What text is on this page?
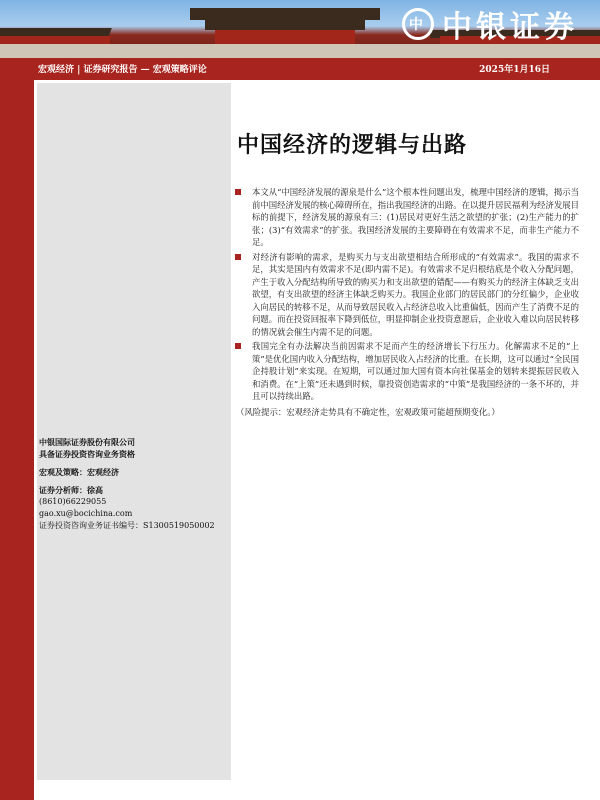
中 中银证券
宏观经济 | 证券研究报告 — 宏观策略评论	2025年1月16日
中银国际证券股份有限公司
具备证券投资咨询业务资格
宏观及策略：宏观经济
证券分析师：徐高
(8610)66229055
gao.xu@bocichina.com
证券投资咨询业务证书编号：S1300519050002
中国经济的逻辑与出路
本文从“中国经济发展的源泉是什么”这个根本性问题出发，梳理中国经济的逻辑，揭示当前中国经济发展的核心障碍所在，指出我国经济的出路。在以提升居民福利为经济发展目标的前提下，经济发展的源泉有三：(1)居民对更好生活之欲望的扩张；(2)生产能力的扩张；(3)“有效需求”的扩张。我国经济发展的主要障碍在有效需求不足，而非生产能力不足。
对经济有影响的需求，是购买力与支出欲望相结合所形成的“有效需求”。我国的需求不足，其实是国内有效需求不足(即内需不足)。有效需求不足归根结底是个收入分配问题，产生于收入分配结构所导致的购买力和支出欲望的错配——有购买力的经济主体缺乏支出欲望，有支出欲望的经济主体缺乏购买力。我国企业部门的居民部门的分红偏少，企业收入向居民的转移不足，从而导致居民收入占经济总收入比重偏低，因而产生了消费不足的问题。而在投资回报率下降到低位，明显抑制企业投资意愿后，企业收入难以向居民转移的情况就会催生内需不足的问题。
我国完全有办法解决当前因需求不足而产生的经济增长下行压力。化解需求不足的“上策”是优化国内收入分配结构，增加居民收入占经济的比重。在长期，这可以通过“全民国企持股计划”来实现。在短期，可以通过加大国有资本向社保基金的划转来提振居民收入和消费。在“上策”还未遇到时候，靠投资创造需求的“中策”是我国经济的一条不坏的，并且可以持续出路。
（风险提示：宏观经济走势具有不确定性，宏观政策可能超预期变化。）
